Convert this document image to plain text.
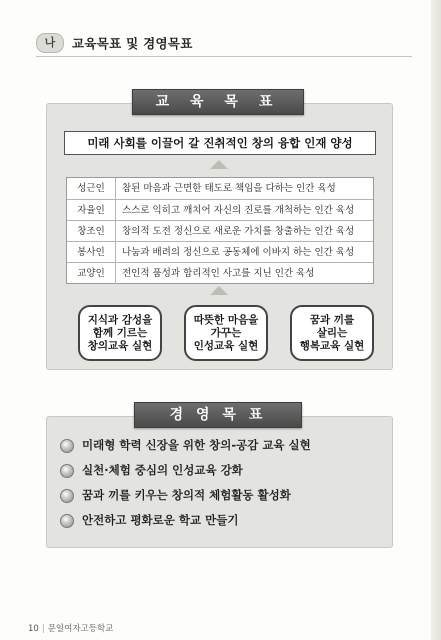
나	교육목표 및 경영목표
교 육 목 표
미래 사회를 이끌어 갈 진취적인 창의 융합 인재 양성
성근인	참된 마음과 근면한 태도로 책임을 다하는 인간 육성
자율인	스스로 익히고 깨치어 자신의 진로를 개척하는 인간 육성
창조인	창의적 도전 정신으로 새로운 가치를 창출하는 인간 육성
봉사인	나눔과 배려의 정신으로 공동체에 이바지 하는 인간 육성
교양인	전인적 품성과 합리적인 사고를 지닌 인간 육성
지식과 감성을
함께 기르는
창의교육 실현
따뜻한 마음을
가꾸는
인성교육 실현
꿈과 끼를
살리는
행복교육 실현
경 영 목 표
미래형 학력 신장을 위한 창의-공감 교육 실현
실천·체험 중심의 인성교육 강화
꿈과 끼를 키우는 창의적 체험활동 활성화
안전하고 평화로운 학교 만들기
10 | 문일여자고등학교
